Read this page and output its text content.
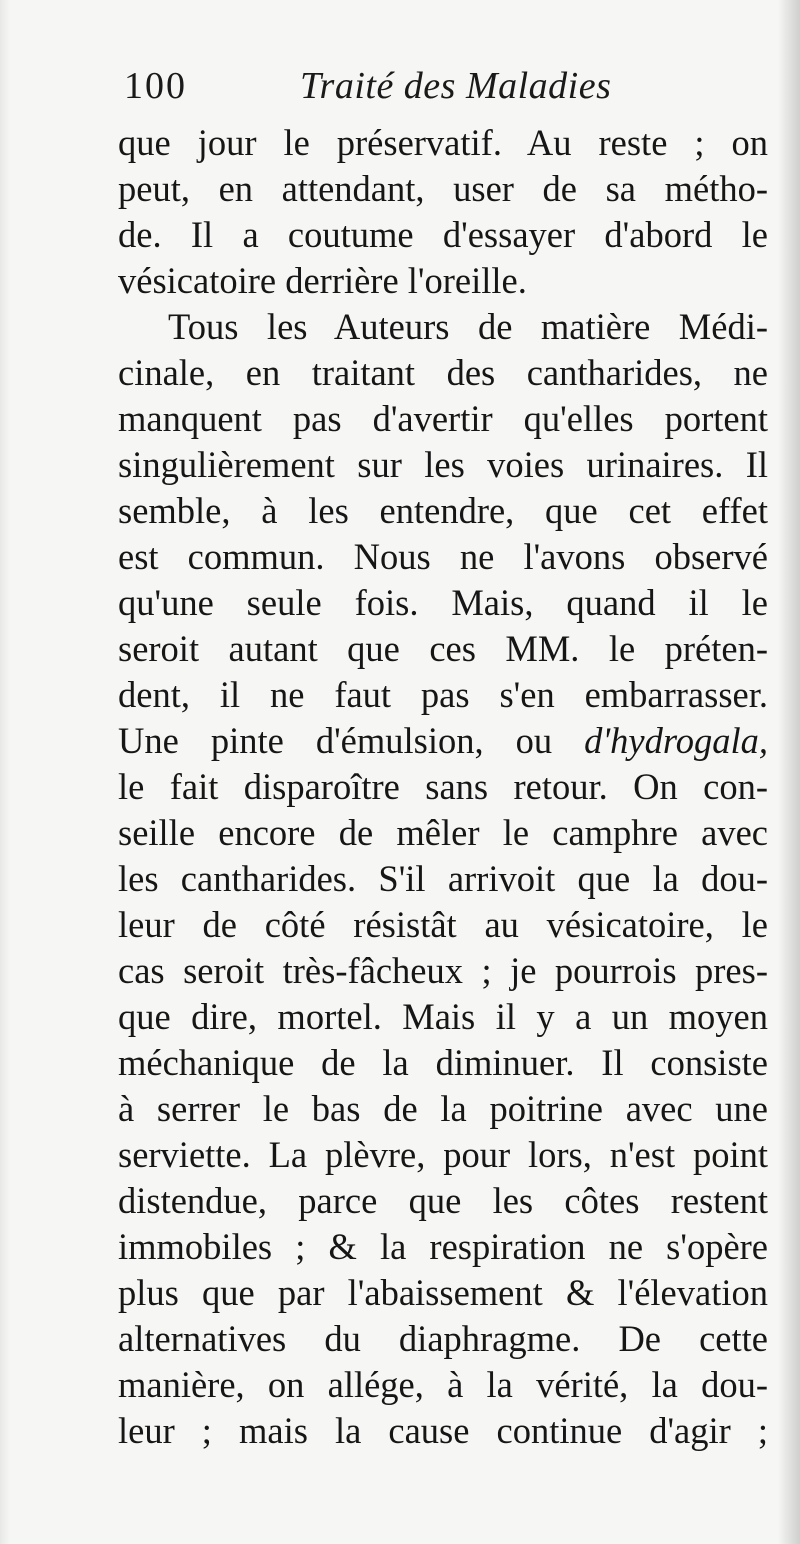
100	Traité des Maladies
que jour le préservatif. Au reste ; on
peut, en attendant, user de sa métho-
de. Il a coutume d'essayer d'abord le
vésicatoire derrière l'oreille.
Tous les Auteurs de matière Médi-
cinale, en traitant des cantharides, ne
manquent pas d'avertir qu'elles portent
singulièrement sur les voies urinaires. Il
semble, à les entendre, que cet effet
est commun. Nous ne l'avons observé
qu'une seule fois. Mais, quand il le
seroit autant que ces MM. le préten-
dent, il ne faut pas s'en embarrasser.
Une pinte d'émulsion, ou d'hydrogala,
le fait disparoître sans retour. On con-
seille encore de mêler le camphre avec
les cantharides. S'il arrivoit que la dou-
leur de côté résistât au vésicatoire, le
cas seroit très-fâcheux ; je pourrois pres-
que dire, mortel. Mais il y a un moyen
méchanique de la diminuer. Il consiste
à serrer le bas de la poitrine avec une
serviette. La plèvre, pour lors, n'est point
distendue, parce que les côtes restent
immobiles ; & la respiration ne s'opère
plus que par l'abaissement & l'élevation
alternatives du diaphragme. De cette
manière, on allége, à la vérité, la dou-
leur ; mais la cause continue d'agir ;
